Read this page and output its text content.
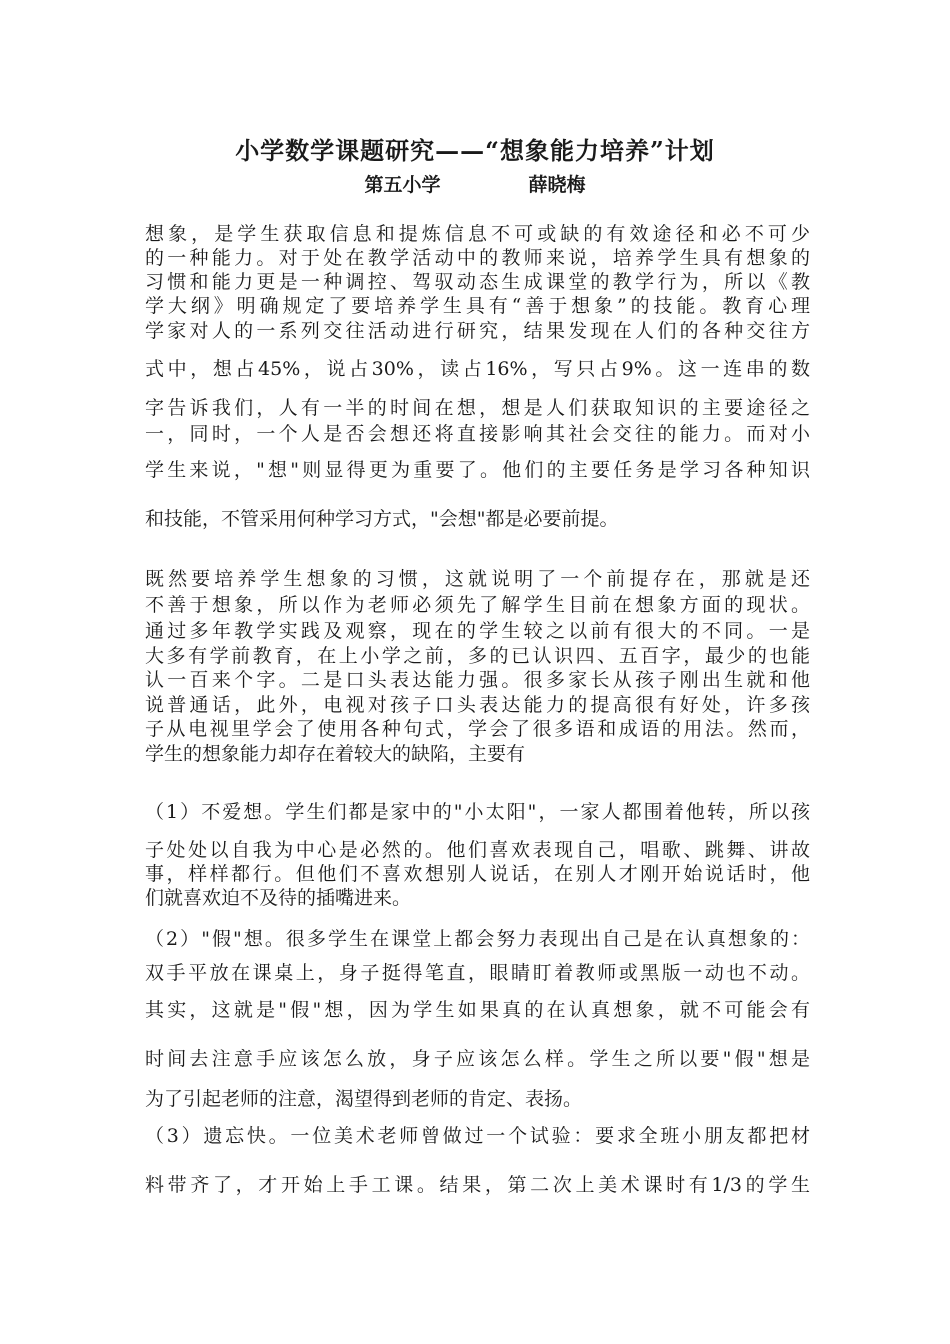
小学数学课题研究——“想象能力培养”计划
第五小学	薛晓梅
想象，是学生获取信息和提炼信息不可或缺的有效途径和必不可少
的一种能力。对于处在教学活动中的教师来说，培养学生具有想象的
习惯和能力更是一种调控、驾驭动态生成课堂的教学行为，所以《教
学大纲》明确规定了要培养学生具有“善于想象”的技能。教育心理
学家对人的一系列交往活动进行研究，结果发现在人们的各种交往方
式中，想占45%，说占30%，读占16%，写只占9%。这一连串的数
字告诉我们，人有一半的时间在想，想是人们获取知识的主要途径之
一，同时，一个人是否会想还将直接影响其社会交往的能力。而对小
学生来说，"想"则显得更为重要了。他们的主要任务是学习各种知识
和技能，不管采用何种学习方式，"会想"都是必要前提。
既然要培养学生想象的习惯，这就说明了一个前提存在，那就是还
不善于想象，所以作为老师必须先了解学生目前在想象方面的现状。
通过多年教学实践及观察，现在的学生较之以前有很大的不同。一是
大多有学前教育，在上小学之前，多的已认识四、五百字，最少的也能
认一百来个字。二是口头表达能力强。很多家长从孩子刚出生就和他
说普通话，此外，电视对孩子口头表达能力的提高很有好处，许多孩
子从电视里学会了使用各种句式，学会了很多语和成语的用法。然而，
学生的想象能力却存在着较大的缺陷，主要有
（1）不爱想。学生们都是家中的"小太阳"，一家人都围着他转，所以孩
子处处以自我为中心是必然的。他们喜欢表现自己，唱歌、跳舞、讲故
事，样样都行。但他们不喜欢想别人说话，在别人才刚开始说话时，他
们就喜欢迫不及待的插嘴进来。
（2）"假"想。很多学生在课堂上都会努力表现出自己是在认真想象的：
双手平放在课桌上，身子挺得笔直，眼睛盯着教师或黑版一动也不动。
其实，这就是"假"想，因为学生如果真的在认真想象，就不可能会有
时间去注意手应该怎么放，身子应该怎么样。学生之所以要"假"想是
为了引起老师的注意，渴望得到老师的肯定、表扬。
（3）遗忘快。一位美术老师曾做过一个试验：要求全班小朋友都把材
料带齐了，才开始上手工课。结果，第二次上美术课时有1/3的学生
